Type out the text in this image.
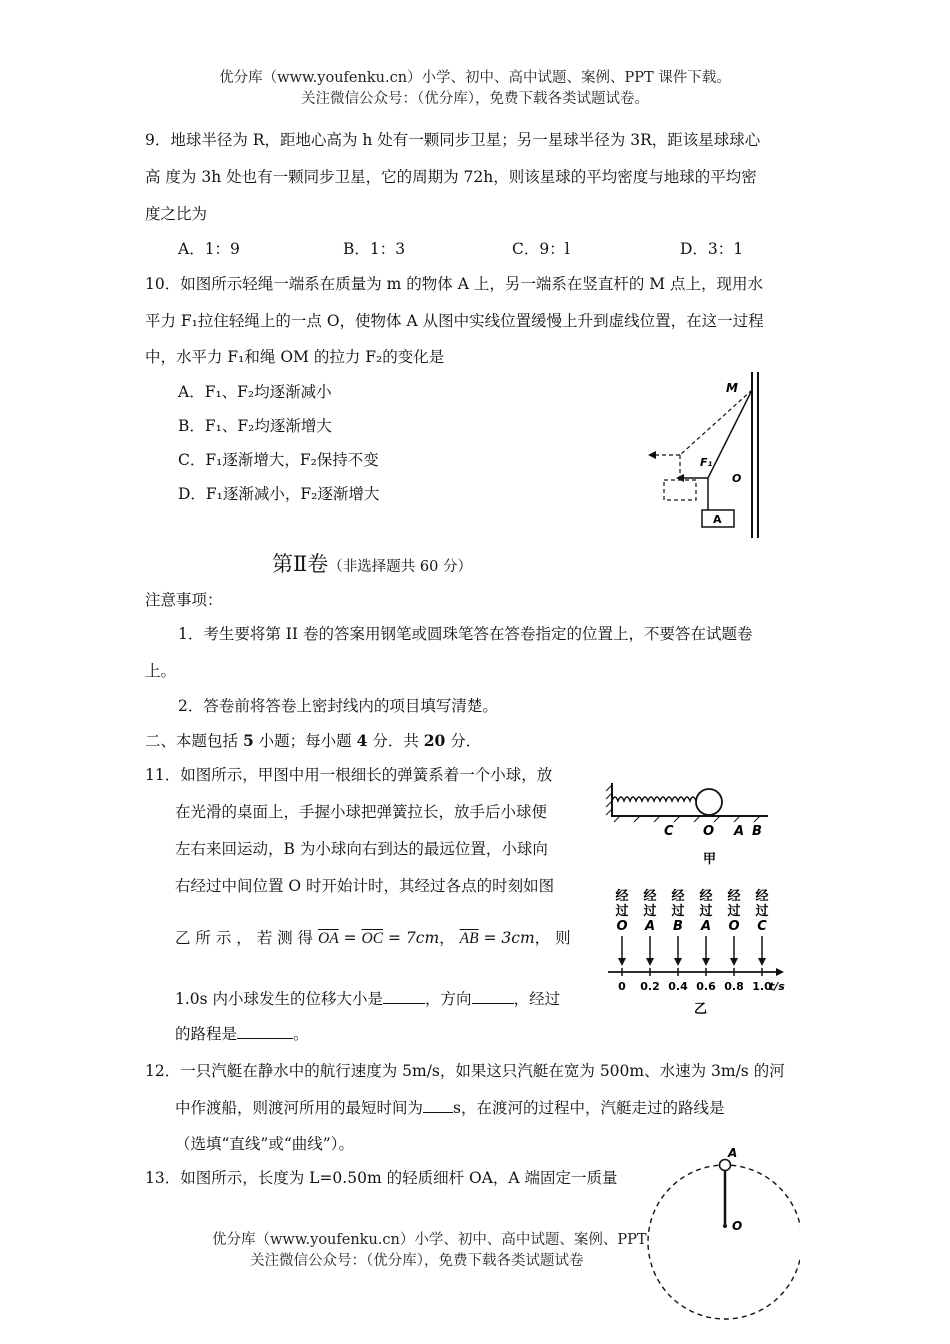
优分库（www.youfenku.cn）小学、初中、高中试题、案例、PPT 课件下载。
关注微信公众号：（优分库），免费下载各类试题试卷。
9．地球半径为 R，距地心高为 h 处有一颗同步卫星；另一星球半径为 3R，距该星球球心
高 度为 3h 处也有一颗同步卫星，它的周期为 72h，则该星球的平均密度与地球的平均密
度之比为
A．1：9	B．1：3	C．9：l	D．3：1
10．如图所示轻绳一端系在质量为 m 的物体 A 上，另一端系在竖直杆的 M 点上，现用水
平力 F₁拉住轻绳上的一点 O，使物体 A 从图中实线位置缓慢上升到虚线位置，在这一过程
中，水平力 F₁和绳 OM 的拉力 F₂的变化是
A．F₁、F₂均逐渐减小
B．F₁、F₂均逐渐增大
C．F₁逐渐增大，F₂保持不变
D．F₁逐渐减小，F₂逐渐增大
M
A
F₁
O
第Ⅱ卷（非选择题共 60 分）
注意事项：
1．考生要将第 II 卷的答案用钢笔或圆珠笔答在答卷指定的位置上，不要答在试题卷
上。
2．答卷前将答卷上密封线内的项目填写清楚。
二、本题包括 5 小题；每小题 4 分．共 20 分．
11．如图所示，甲图中用一根细长的弹簧系着一个小球，放
在光滑的桌面上，手握小球把弹簧拉长，放手后小球便
左右来回运动，B 为小球向右到达的最远位置，小球向
右经过中间位置 O 时开始计时，其经过各点的时刻如图
乙 所 示 ， 若 测 得 $\overline{OA} = \overline{OC} = 7cm$， $\overline{AB} = 3cm$， 则
1.0s 内小球发生的位移大小是	，方向	，经过
的路程是	。
C O A B
甲
经
过
O
0
经
过
A
0.2
经
过
B
0.4
经
过
A
0.6
经
过
O
0.8
经
过
C
1.0
t/s
乙
12．一只汽艇在静水中的航行速度为 5m/s，如果这只汽艇在宽为 500m、水速为 3m/s 的河
中作渡船，则渡河所用的最短时间为 s，在渡河的过程中，汽艇走过的路线是
（选填“直线”或“曲线”）。
13．如图所示，长度为 L=0.50m 的轻质细杆 OA，A 端固定一质量
A
O
优分库（www.youfenku.cn）小学、初中、高中试题、案例、PPT
关注微信公众号：（优分库），免费下载各类试题试卷
